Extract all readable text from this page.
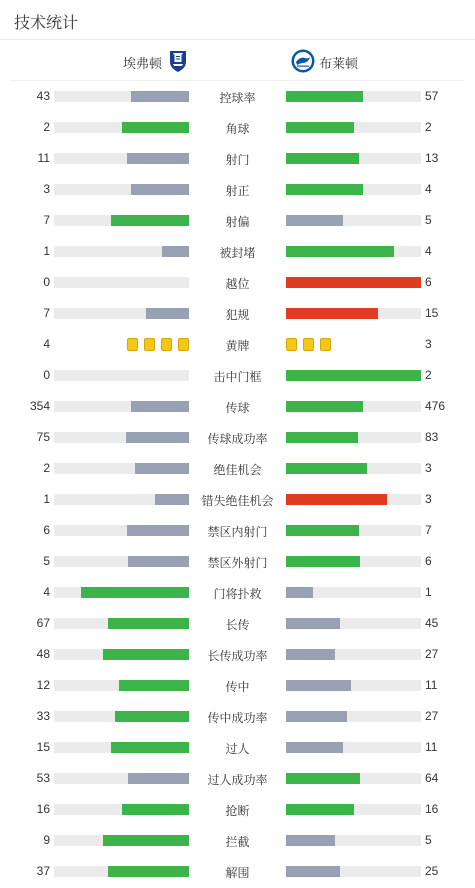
技术统计
埃弗顿	布莱顿
43	控球率	57
2	角球	2
11	射门	13
3	射正	4
7	射偏	5
1	被封堵	4
0	越位	6
7	犯规	15
4	黄牌	3
0	击中门框	2
354	传球	476
75	传球成功率	83
2	绝佳机会	3
1	错失绝佳机会	3
6	禁区内射门	7
5	禁区外射门	6
4	门将扑救	1
67	长传	45
48	长传成功率	27
12	传中	11
33	传中成功率	27
15	过人	11
53	过人成功率	64
16	抢断	16
9	拦截	5
37	解围	25
